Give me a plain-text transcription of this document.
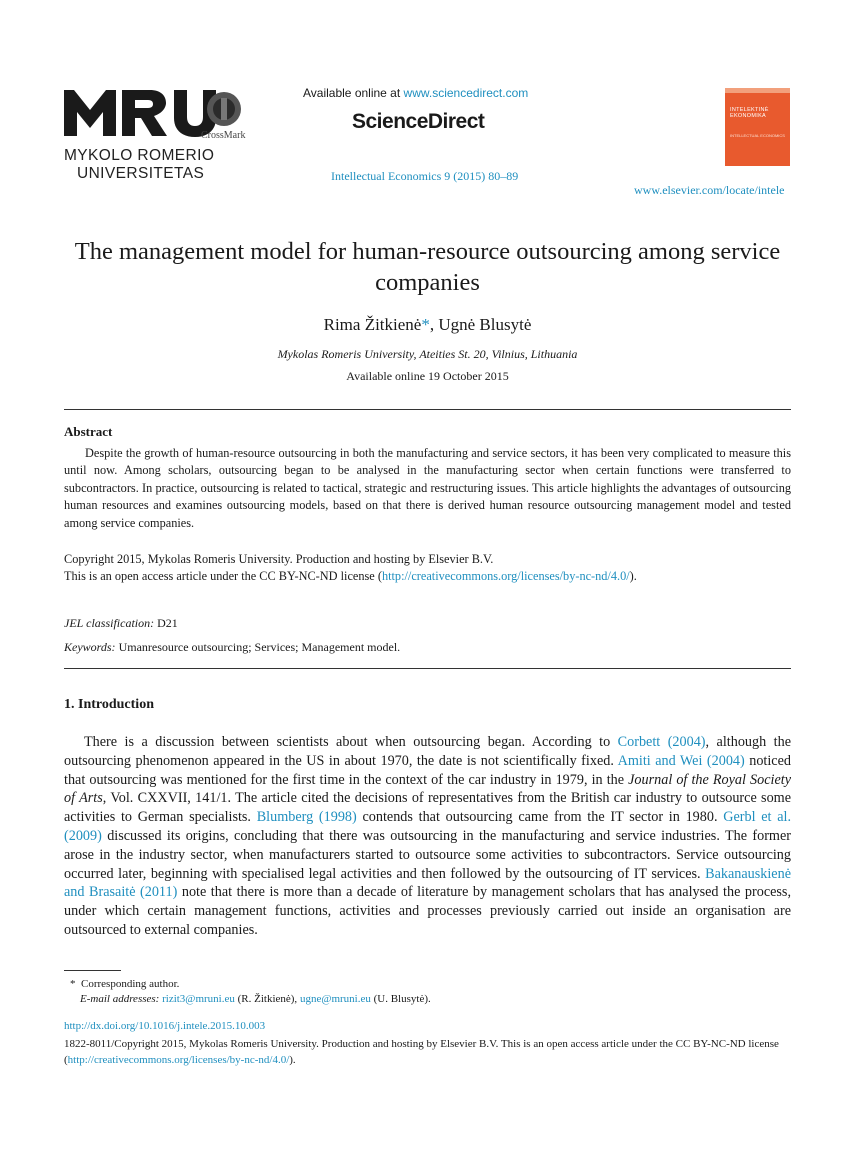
CrossMark
MYKOLO ROMERIO
UNIVERSITETAS
Available online at www.sciencedirect.com
ScienceDirect
Intellectual Economics 9 (2015) 80–89
INTELEKTINĖ
EKONOMIKA
INTELLECTUAL ECONOMICS
www.elsevier.com/locate/intele
The management model for human-resource outsourcing among service companies
Rima Žitkienė*, Ugnė Blusytė
Mykolas Romeris University, Ateities St. 20, Vilnius, Lithuania
Available online 19 October 2015
Abstract
Despite the growth of human-resource outsourcing in both the manufacturing and service sectors, it has been very complicated to measure this until now. Among scholars, outsourcing began to be analysed in the manufacturing sector when certain functions were transferred to subcontractors. In practice, outsourcing is related to tactical, strategic and restructuring issues. This article highlights the advantages of outsourcing human resources and examines outsourcing models, based on that there is derived human resource outsourcing management model and tested among service companies.
Copyright 2015, Mykolas Romeris University. Production and hosting by Elsevier B.V.
This is an open access article under the CC BY-NC-ND license (http://creativecommons.org/licenses/by-nc-nd/4.0/).
JEL classification: D21
Keywords: Umanresource outsourcing; Services; Management model.
1. Introduction
There is a discussion between scientists about when outsourcing began. According to Corbett (2004), although the outsourcing phenomenon appeared in the US in about 1970, the date is not scientifically fixed. Amiti and Wei (2004) noticed that outsourcing was mentioned for the first time in the context of the car industry in 1979, in the Journal of the Royal Society of Arts, Vol. CXXVII, 141/1. The article cited the decisions of representatives from the British car industry to outsource some activities to German specialists. Blumberg (1998) contends that outsourcing came from the IT sector in 1980. Gerbl et al. (2009) discussed its origins, concluding that there was outsourcing in the manufacturing and service industries. The former arose in the industry sector, when manufacturers started to outsource some activities to subcontractors. Service outsourcing occurred later, beginning with specialised legal activities and then followed by the outsourcing of IT services. Bakanauskienė and Brasaitė (2011) note that there is more than a decade of literature by management scholars that has analysed the process, under which certain management functions, activities and processes previously carried out inside an organisation are outsourced to external companies.
* Corresponding author.
E-mail addresses: rizit3@mruni.eu (R. Žitkienė), ugne@mruni.eu (U. Blusytė).
http://dx.doi.org/10.1016/j.intele.2015.10.003
1822-8011/Copyright 2015, Mykolas Romeris University. Production and hosting by Elsevier B.V. This is an open access article under the CC BY-NC-ND license (http://creativecommons.org/licenses/by-nc-nd/4.0/).
